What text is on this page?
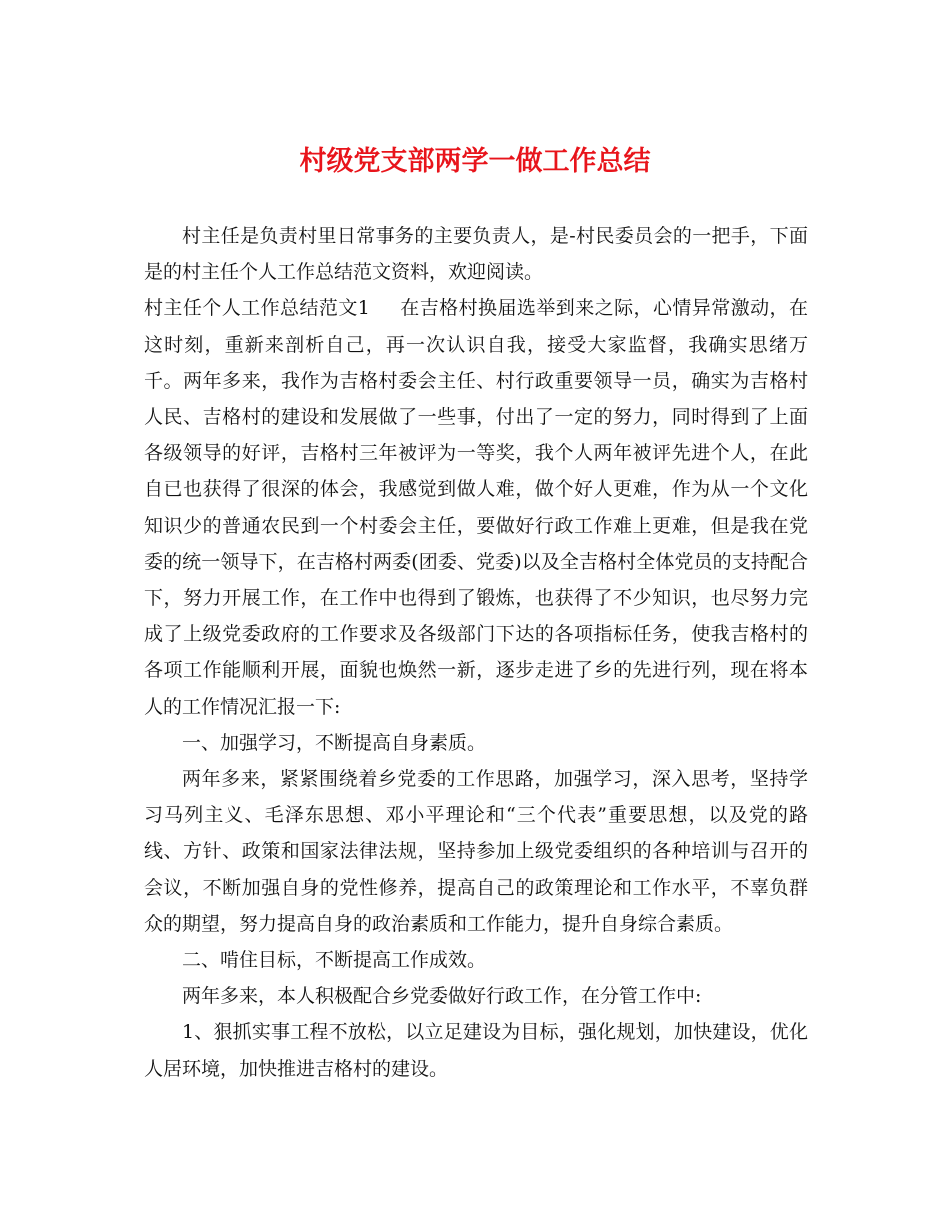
村级党支部两学一做工作总结

村主任是负责村里日常事务的主要负责人，是-村民委员会的一把手，下面是的村主任个人工作总结范文资料，欢迎阅读。

村主任个人工作总结范文1 在吉格村换届选举到来之际，心情异常激动，在这时刻，重新来剖析自己，再一次认识自我，接受大家监督，我确实思绪万千。两年多来，我作为吉格村委会主任、村行政重要领导一员，确实为吉格村人民、吉格村的建设和发展做了一些事，付出了一定的努力，同时得到了上面各级领导的好评，吉格村三年被评为一等奖，我个人两年被评先进个人，在此自已也获得了很深的体会，我感觉到做人难，做个好人更难，作为从一个文化知识少的普通农民到一个村委会主任，要做好行政工作难上更难，但是我在党委的统一领导下，在吉格村两委(团委、党委)以及全吉格村全体党员的支持配合下，努力开展工作，在工作中也得到了锻炼，也获得了不少知识，也尽努力完成了上级党委政府的工作要求及各级部门下达的各项指标任务，使我吉格村的各项工作能顺利开展，面貌也焕然一新，逐步走进了乡的先进行列，现在将本人的工作情况汇报一下:

一、加强学习，不断提高自身素质。

两年多来，紧紧围绕着乡党委的工作思路，加强学习，深入思考，坚持学习马列主义、毛泽东思想、邓小平理论和“三个代表”重要思想，以及党的路线、方针、政策和国家法律法规，坚持参加上级党委组织的各种培训与召开的会议，不断加强自身的党性修养，提高自己的政策理论和工作水平，不辜负群众的期望，努力提高自身的政治素质和工作能力，提升自身综合素质。

二、啃住目标，不断提高工作成效。

两年多来，本人积极配合乡党委做好行政工作，在分管工作中:

1、狠抓实事工程不放松，以立足建设为目标，强化规划，加快建设，优化人居环境，加快推进吉格村的建设。
